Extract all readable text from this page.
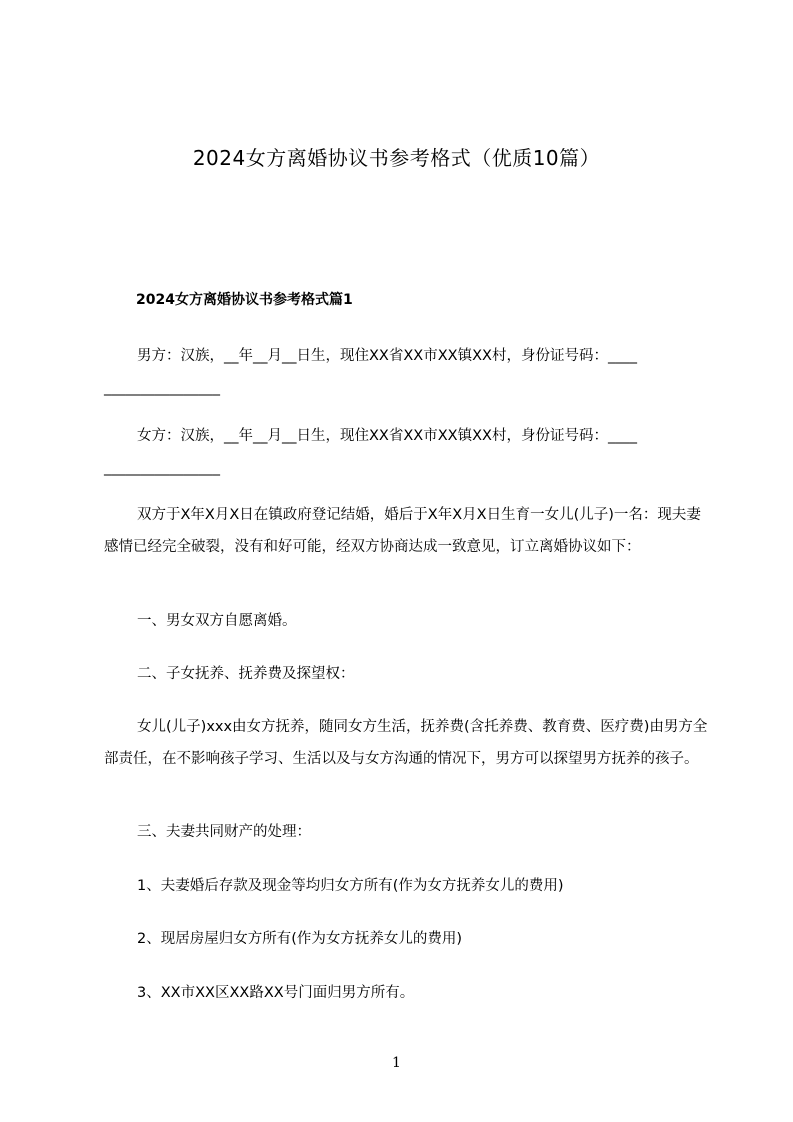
2024女方离婚协议书参考格式（优质10篇）

2024女方离婚协议书参考格式篇1

男方：汉族，__年__月__日生，现住XX省XX市XX镇XX村，身份证号码：____

________________

女方：汉族，__年__月__日生，现住XX省XX市XX镇XX村，身份证号码：____

________________

双方于X年X月X日在镇政府登记结婚，婚后于X年X月X日生育一女儿(儿子)一名：现夫妻感情已经完全破裂，没有和好可能，经双方协商达成一致意见，订立离婚协议如下：

一、男女双方自愿离婚。

二、子女抚养、抚养费及探望权：

女儿(儿子)xxx由女方抚养，随同女方生活，抚养费(含托养费、教育费、医疗费)由男方全部责任，在不影响孩子学习、生活以及与女方沟通的情况下，男方可以探望男方抚养的孩子。

三、夫妻共同财产的处理：

1、夫妻婚后存款及现金等均归女方所有(作为女方抚养女儿的费用)

2、现居房屋归女方所有(作为女方抚养女儿的费用)

3、XX市XX区XX路XX号门面归男方所有。

1
